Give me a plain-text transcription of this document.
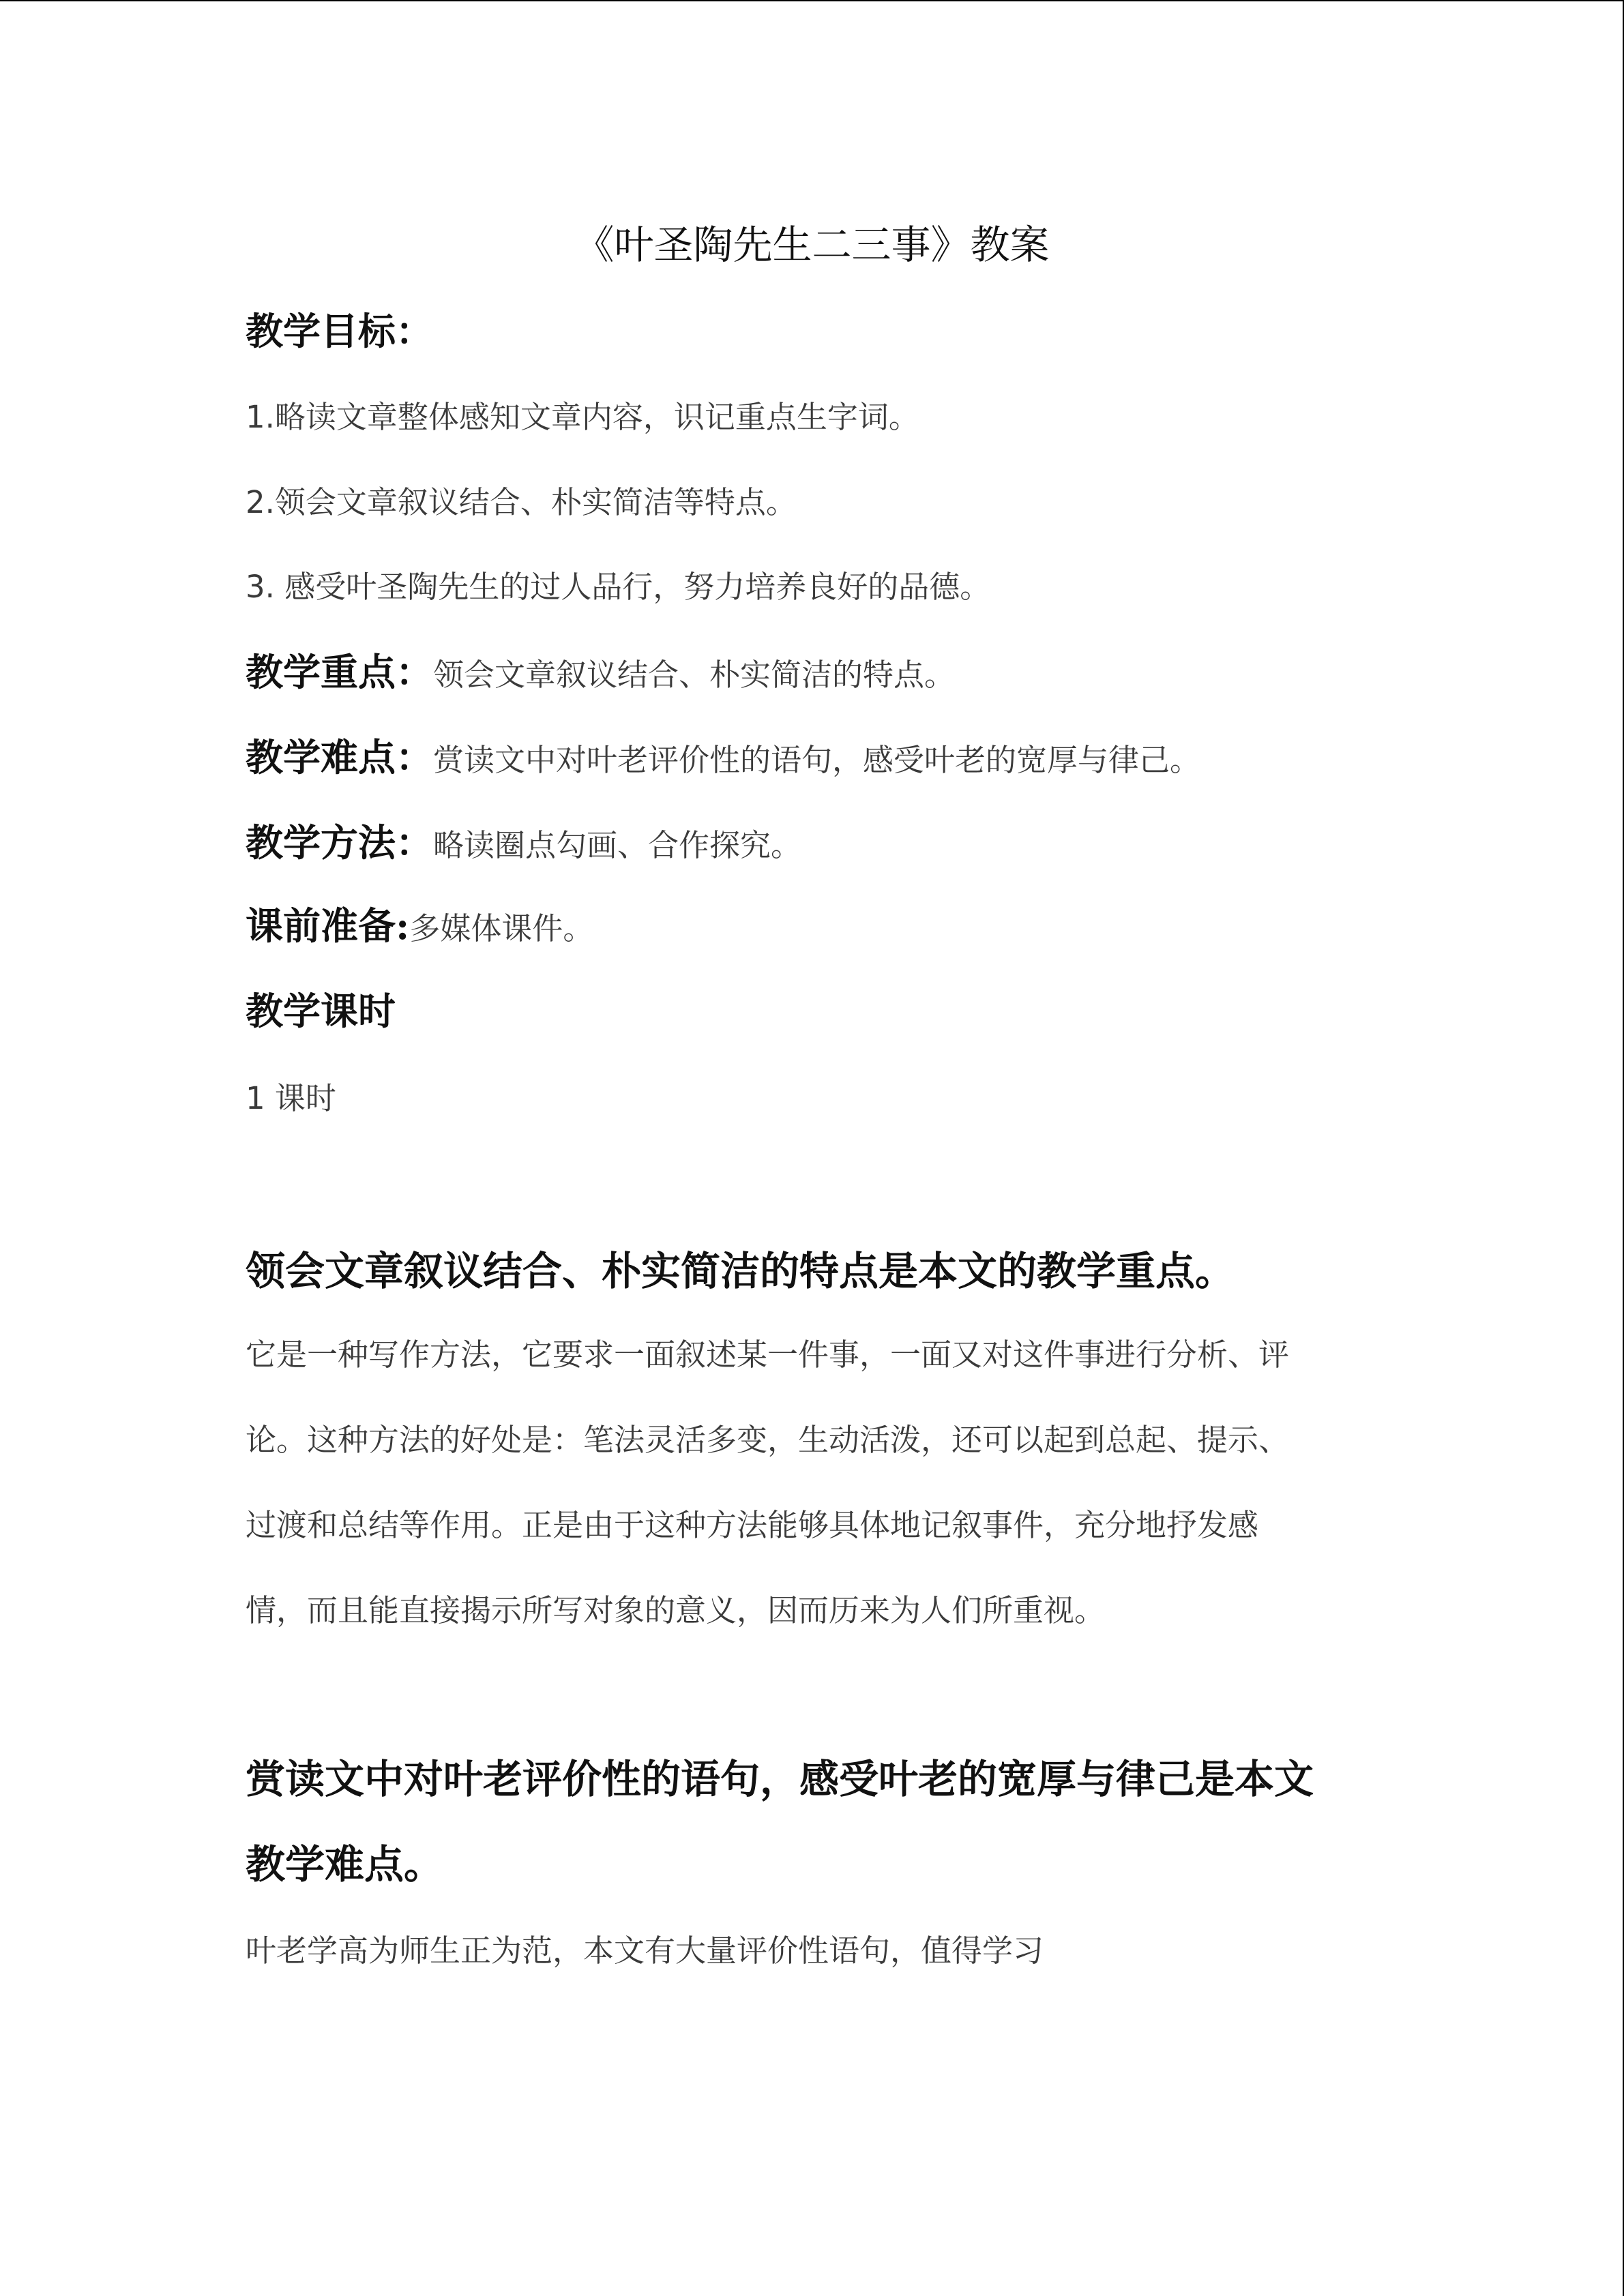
《叶圣陶先生二三事》教案
教学目标：
1.略读文章整体感知文章内容，识记重点生字词。
2.领会文章叙议结合、朴实简洁等特点。
3. 感受叶圣陶先生的过人品行，努力培养良好的品德。
教学重点：领会文章叙议结合、朴实简洁的特点。
教学难点：赏读文中对叶老评价性的语句，感受叶老的宽厚与律己。
教学方法：略读圈点勾画、合作探究。
课前准备:多媒体课件。
教学课时
1 课时
领会文章叙议结合、朴实简洁的特点是本文的教学重点。
它是一种写作方法，它要求一面叙述某一件事，一面又对这件事进行分析、评
论。这种方法的好处是：笔法灵活多变，生动活泼，还可以起到总起、提示、
过渡和总结等作用。正是由于这种方法能够具体地记叙事件，充分地抒发感
情，而且能直接揭示所写对象的意义，因而历来为人们所重视。
赏读文中对叶老评价性的语句，感受叶老的宽厚与律己是本文
教学难点。
叶老学高为师生正为范，本文有大量评价性语句，值得学习
